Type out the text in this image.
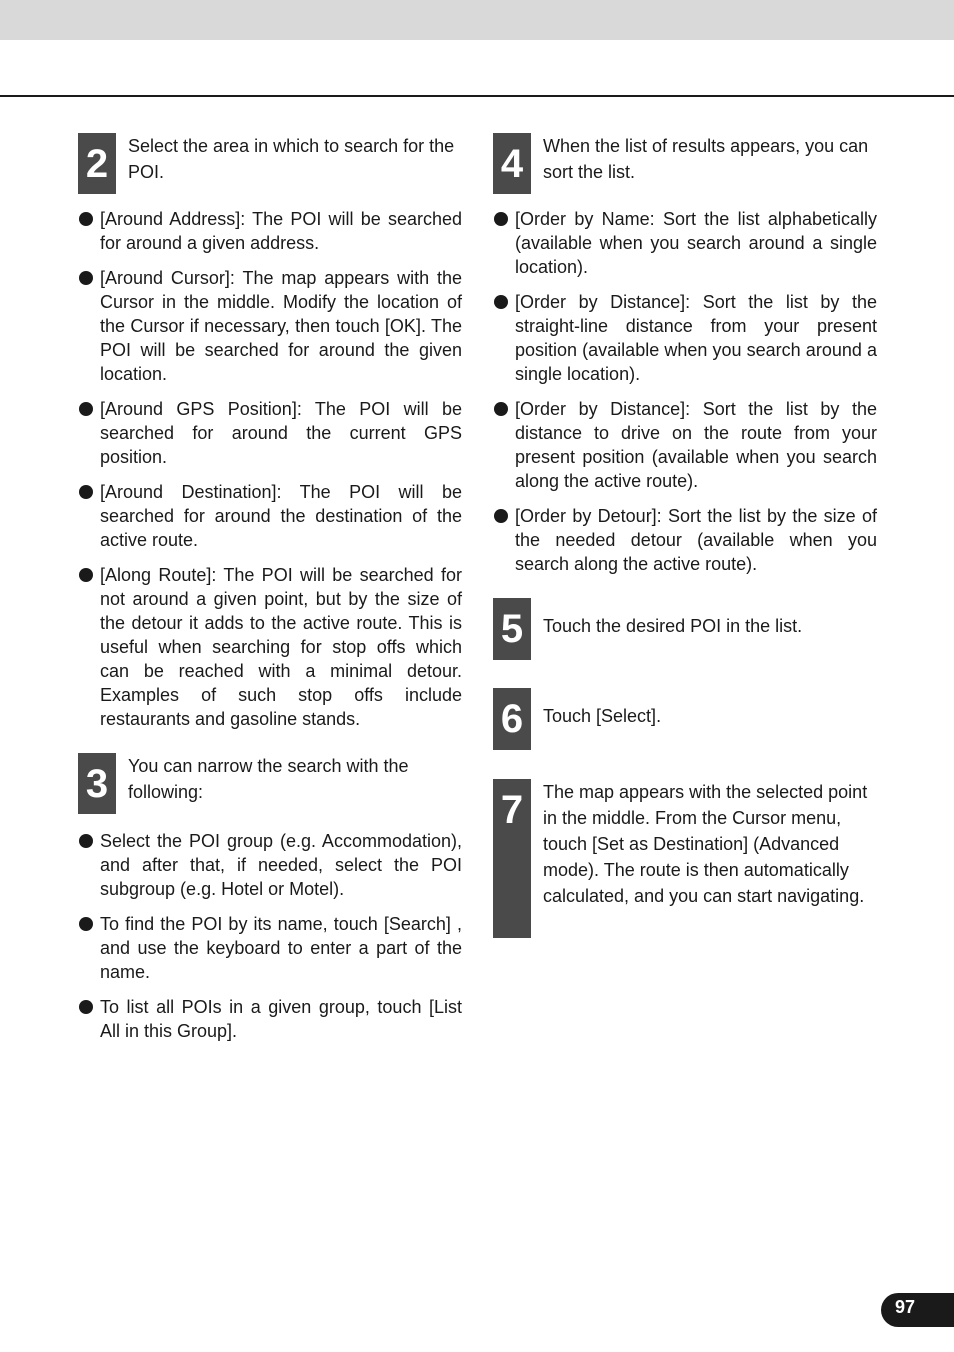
2	Select the area in which to search for the POI.
[Around Address]: The POI will be searched for around a given address.
[Around Cursor]: The map appears with the Cursor in the middle. Modify the location of the Cursor if necessary, then touch [OK]. The POI will be searched for around the given location.
[Around GPS Position]: The POI will be searched for around the current GPS position.
[Around Destination]: The POI will be searched for around the destination of the active route.
[Along Route]: The POI will be searched for not around a given point, but by the size of the detour it adds to the active route. This is useful when searching for stop offs which can be reached with a minimal detour. Examples of such stop offs include restaurants and gasoline stands.
3	You can narrow the search with the following:
Select the POI group (e.g. Accommodation), and after that, if needed, select the POI subgroup (e.g. Hotel or Motel).
To find the POI by its name, touch [Search] , and use the keyboard to enter a part of the name.
To list all POIs in a given group, touch [List All in this Group].
4	When the list of results appears, you can sort the list.
[Order by Name: Sort the list alphabetically (available when you search around a single location).
[Order by Distance]: Sort the list by the straight-line distance from your present position (available when you search around a single location).
[Order by Distance]: Sort the list by the distance to drive on the route from your present position (available when you search along the active route).
[Order by Detour]: Sort the list by the size of the needed detour (available when you search along the active route).
5	Touch the desired POI in the list.
6	Touch [Select].
7	The map appears with the selected point in the middle. From the Cursor menu, touch [Set as Destination] (Advanced mode). The route is then automatically calculated, and you can start navigating.
97
